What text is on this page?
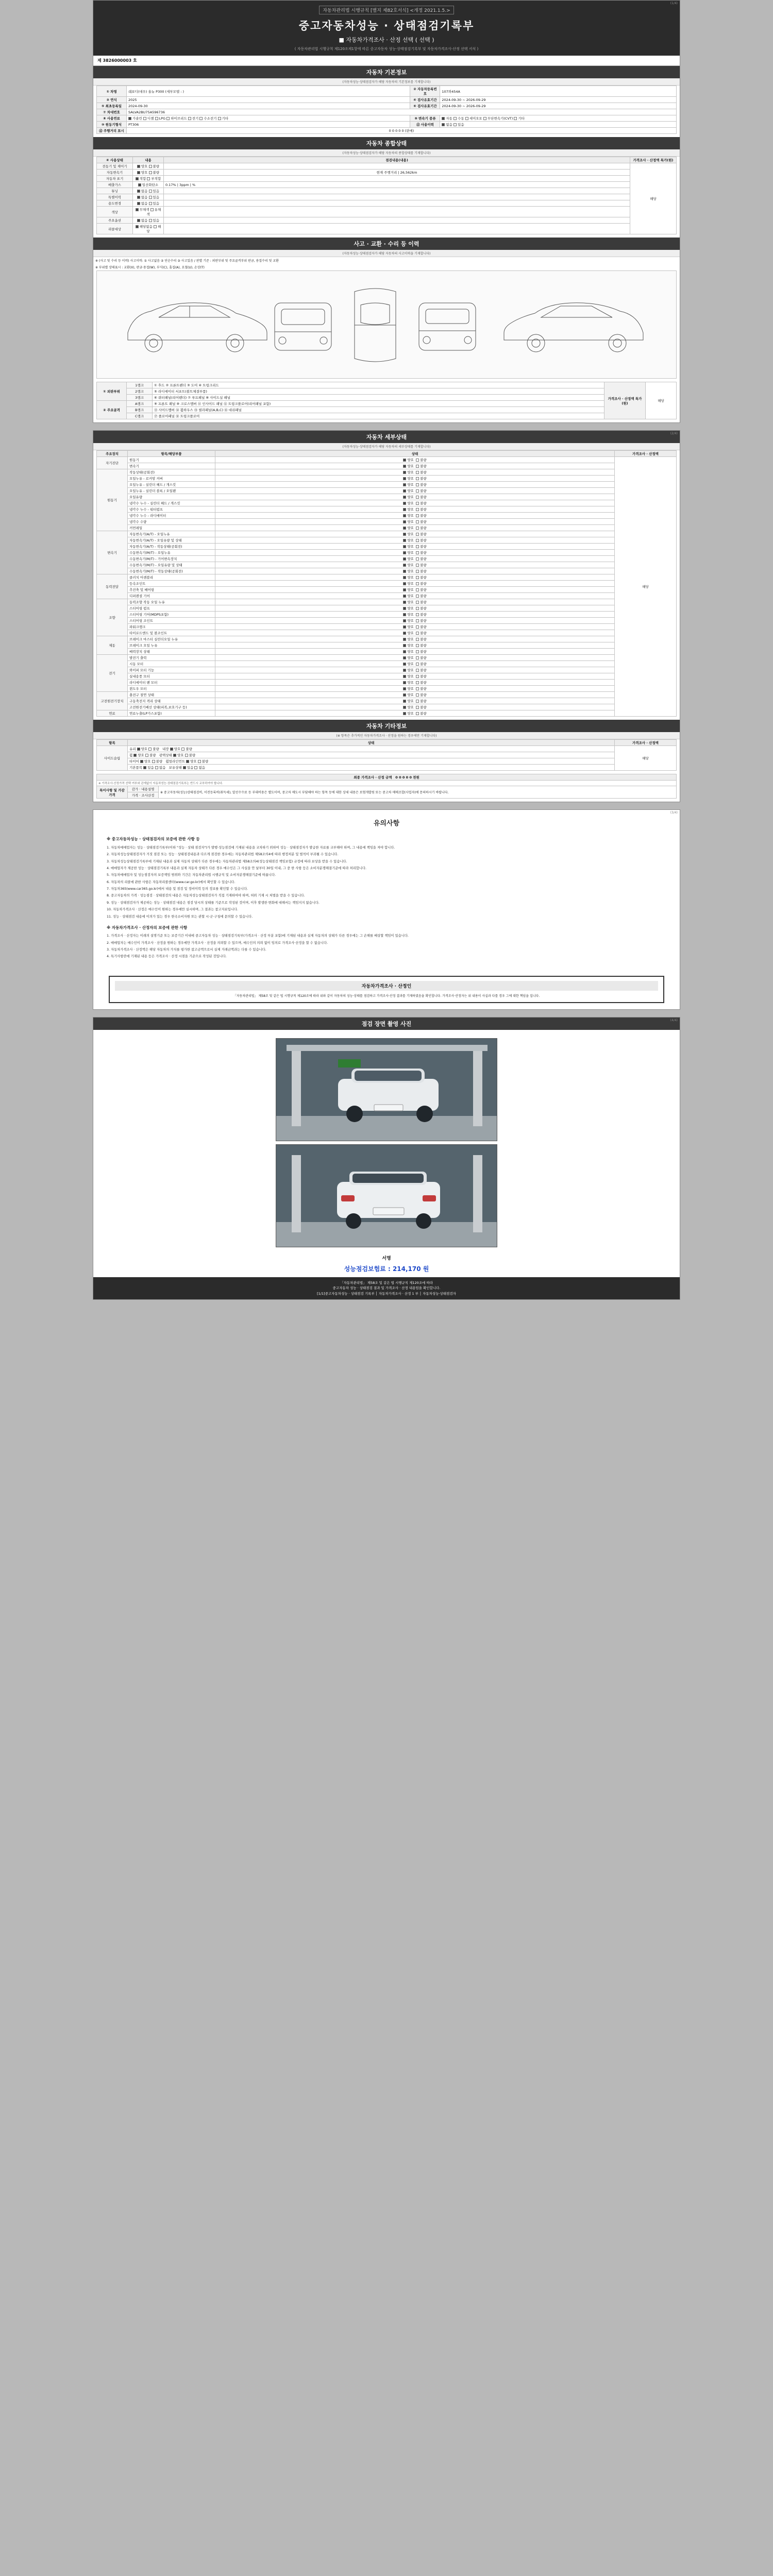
(1/4)
자동차관리법 시행규칙 [별지 제82호서식] <개정 2021.1.5.>
중고자동차성능 · 상태점검기록부
■ 자동차가격조사 · 산정 선택 ( 선택 )
( 자동차관리법 시행규칙 제120조제1항에 따른 중고자동차 성능·상태점검기록부 및 자동차가격조사·산정 선택 서식 )
제 3826000003 호
자동차 기본정보
(자동차성능·상태점검자가 해당 자동차의 기본정보를 기재합니다)
① 차명	쉐보디(대우) 올뉴 P300 (세부모델 : )	② 자동차등록번호	107와454A
③ 연식	2025	④ 검사유효기간	2024-09-30 ~ 2026-09-29
⑤ 최초등록일	2024-09-30	⑥ 검사유효기간	2024-09-30 ~ 2026-09-29
⑦ 차대번호	SALVA2BU75A596736		
⑧ 사용연료	가솔린 디젤 LPG 하이브리드 전기 수소전기 기타	⑨ 변속기 종류	자동 수동 세미오토 무단변속기(CVT) 기타
⑩ 원동기형식	PT306	⑪ 사용이력	없음 있음
⑫ 주행거리 표시	0 0 0 0 0 (판매)		
자동차 종합상태
(자동차성능·상태점검자가 해당 자동차의 종합상태를 기재합니다)
④ 사용상태	내용	점검내용(내용)	가격조사 · 산정액 특가(원)
전동기 및 제어기	양호 불량		해당
자동변속기	양호 불량	현재 주행거리 | 26,562km	
자동차 표기	적합 부적합		
배출가스	일산화탄소	0.17% | 3ppm | %	
튜닝	없음 있음		
특별이력	없음 있음		
용도변경	없음 있음		
색상	무채색 유채색		
주요옵션	없음 있음		
리콜대상	해당없음 해당		
사고 · 교환 · 수리 등 이력
(자동차성능·상태점검자가 해당 자동차의 사고이력을 기재합니다)
※ (사고 및 수리 등 이력) 사고이력: ① 사고없음 ② 단순수리 ③ 사고있음 / 판별 기준 : 외판부위 및 주요골격부위 판금, 용접수리 및 교환
※ 부위별 상태표시 : 교환(X), 판금·용접(W), 부식(C), 흠집(A), 요철(U), 손상(T)
① 외판부위	1랭크	① 후드 ② 프론트펜더 ③ 도어 ④ 트렁크리드	가격조사 · 산정액 특가(원)	해당
	2랭크	⑤ 라디에이터 서포트(볼트체결부품)		
	3랭크	⑥ 쿼터패널(리어펜더) ⑦ 루프패널 ⑧ 사이드실 패널		
② 주요골격	A랭크	⑨ 프론트 패널 ⑩ 크로스멤버 ⑪ 인사이드 패널 ⑫ 트렁크플로어(리어패널 포함)		
	B랭크	⑬ 사이드멤버 ⑭ 휠하우스 ⑮ 필라패널(A,B,C) ⑯ 대쉬패널		
	C랭크	⑰ 플로어패널 ⑱ 트렁크플로어		
(2/4)
자동차 세부상태
(자동차성능·상태점검자가 해당 자동차의 세부상태를 기재합니다)
주요장치	항목/해당부품	상태	가격조사 · 산정액
자기진단	원동기	양호 불량	해당
	변속기	양호 불량	
원동기	작동상태(공회전)	양호 불량	
	오일누유 - 로커암 커버	양호 불량	
	오일누유 - 실린더 헤드 / 개스킷	양호 불량	
	오일누유 - 실린더 블록 / 오일팬	양호 불량	
	오일유량	양호 불량	
	냉각수 누수 - 실린더 헤드 / 개스킷	양호 불량	
	냉각수 누수 - 워터펌프	양호 불량	
	냉각수 누수 - 라디에이터	양호 불량	
	냉각수 수량	양호 불량	
	커먼레일	양호 불량	
변속기	자동변속기(A/T) - 오일누유	양호 불량	
	자동변속기(A/T) - 오일유량 및 상태	양호 불량	
	자동변속기(A/T) - 작동상태(공회전)	양호 불량	
	수동변속기(M/T) - 오일누유	양호 불량	
	수동변속기(M/T) - 기어변속장치	양호 불량	
	수동변속기(M/T) - 오일유량 및 상태	양호 불량	
	수동변속기(M/T) - 작동상태(공회전)	양호 불량	
동력전달	클러치 어셈블리	양호 불량	
	등속조인트	양호 불량	
	추진축 및 베어링	양호 불량	
	디퍼렌셜 기어	양호 불량	
조향	동력조향 작동 오일 누유	양호 불량	
	스티어링 펌프	양호 불량	
	스티어링 기어(MDPS포함)	양호 불량	
	스티어링 조인트	양호 불량	
	파워크랭크	양호 불량	
	타이로드엔드 및 볼조인트	양호 불량	
제동	브레이크 마스터 실린더오일 누유	양호 불량	
	브레이크 오일 누유	양호 불량	
	배력장치 상태	양호 불량	
전기	발전기 출력	양호 불량	
	시동 모터	양호 불량	
	와이퍼 모터 기능	양호 불량	
	실내송풍 모터	양호 불량	
	라디에이터 팬 모터	양호 불량	
	윈도우 모터	양호 불량	
고전원전기장치	충전구 절연 상태	양호 불량	
	구동축전지 격리 상태	양호 불량	
	고전원전기배선 상태(피복,보호기구 등)	양호 불량	
연료	연료누출(LP가스포함)	양호 불량	
자동차 기타정보
(※ 항목은 추가적인 자동차가격조사 · 산정을 원하는 경우에만 기재합니다)
항목	상태	가격조사 · 산정액
사이드슬립	유리 양호 불량 내장 양호 불량	해당
	휠 양호 불량 광택상태 양호 불량	
	타이어 양호 불량 휠얼라인먼트 양호 불량	
	기본품목 있음 없음 보유상태 있음 없음	
최종 가격조사 · 산정 금액 0 0 0 0 0 천원
※ 가격조사·산정가격 선택 여부와 관계없이 자동차성능·상태점검기록부는 반드시 교부하여야 합니다.
특이사항 및 가감가격	감가 · 내용설명	※ 중고자동차(성능)상태점검비, 이전등록비(취득세), 알선수수료 등 부대비용은 별도이며, 중고차 매도시 부담해야 하는 항목 등에 대한 상세 내용은 보험개발원 또는 중고차 매매조합(사업자)에 문의하시기 바랍니다.
가격 · 조사산정
(3/4)
유의사항
※ 중고자동차성능 · 상태점검자의 보증에 관한 사항 등

1. 자동차매매업자는 성능 · 상태점검기록부(이하 "성능 · 상태 점검자")가 발행·성능점검에 기재된 내용을 교차하기 위하여 성능 · 상태점검자가 발급한 자료를 교부해야 하며, 그 내용에 책임을 져야 합니다.

2. 자동차성능상태점검자가 거짓 점검 또는 성능 · 상태점검내용과 다르게 점검한 경우에는 자동차관리법 제58조의4에 따라 행정처분 및 벌칙이 부과될 수 있습니다.

3. 자동차성능상태점검기록부에 기재된 내용과 실제 자동차 상태가 다른 경우에는 자동차관리법 제58조의4(성능상태점검 책임보험) 규정에 따라 보상을 받을 수 있습니다.

4. 매매업자가 제공한 성능 · 상태점검기록부 내용과 실제 자동차 상태가 다른 경우 매수인은 그 사실을 안 날부터 30일 이내, 그 중 한 사항 등은 소비자분쟁해결기준에 따라 처리합니다.

5. 자동차매매업자 및 성능점검자의 보증책임 범위와 기간은 자동차관리법 시행규칙 및 소비자분쟁해결기준에 따릅니다.

6. 자동차의 리콜에 관한 사항은 자동차리콜센터(www.car.go.kr)에서 확인할 수 있습니다.

7. 자동차365(www.car365.go.kr)에서 내용 및 점검 및 정비이력 등의 정보를 확인할 수 있습니다.

8. 중고자동차의 가격 · 성능점검 · 상태점검의 내용은 자동차성능상태점검자가 직접 기재하여야 하며, 허위 기재 시 처벌을 받을 수 있습니다.

9. 성능 · 상태점검자가 제공하는 성능 · 상태점검 내용은 점검 당시의 상태를 기준으로 작성된 것이며, 이후 발생한 변화에 대해서는 책임지지 않습니다.

10. 자동차가격조사 · 산정은 매수인이 원하는 경우에만 실시하며, 그 결과는 참고자료입니다.

11. 성능 · 상태점검 내용에 이의가 있는 경우 한국소비자원 또는 관할 시·군·구청에 문의할 수 있습니다.

※ 자동차가격조사 · 산정자의 보증에 관한 사항

1. 가격조사 · 산정자는 이래의 설명기준 또는 보증기간 이내에 중고자동차 성능 · 상태점검기록부(가격조사 · 산정 부분 포함)에 기재된 내용과 실제 자동차의 상태가 다른 경우에는 그 손해를 배상할 책임이 있습니다.

2. 매매업자는 매수인이 가격조사 · 산정을 원하는 경우에만 가격조사 · 산정을 의뢰할 수 있으며, 매수인의 의뢰 없이 임의로 가격조사·산정을 할 수 없습니다.

3. 자동차가격조사 · 산정액은 해당 자동차의 가치를 평가한 참고금액으로서 실제 거래금액과는 다를 수 있습니다.

4. 특기사항란에 기재된 내용 등은 가격조사 · 산정 시점을 기준으로 작성된 것입니다.

자동차가격조사 · 산정인
「자동차관리법」 제58조 및 같은 법 시행규칙 제120조에 따라 위와 같이 자동차의 성능·상태를 점검하고 가격조사·산정 결과를 기재하였음을 확인합니다. 가격조사·산정자는 위 내용이 사실과 다를 경우 그에 대한 책임을 집니다.
(4/4)
점검 장면 촬영 사진
서명
성능점검보험료 : 214,170 원
「자동차관리법」 제58조 및 같은 법 시행규칙 제120조에 따라
중고자동차 성능 · 상태점검 결과 및 가격조사 · 산정 내용임을 확인합니다.
[1/1]중고자동차성능 · 상태점검 기록부 │ 자동차가격조사 · 산정 1 부 │ 자동차성능·상태점검자
